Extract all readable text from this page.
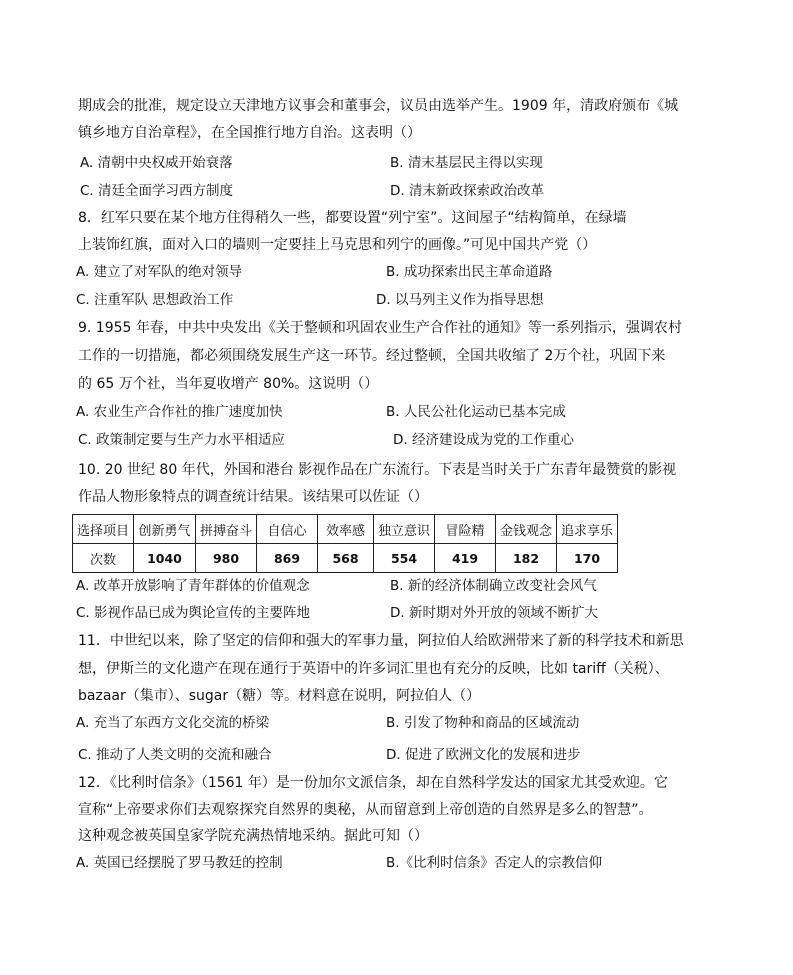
期成会的批准，规定设立天津地方议事会和董事会，议员由选举产生。1909 年，清政府颁布《城
镇乡地方自治章程》，在全国推行地方自治。这表明（）
A. 清朝中央权威开始衰落	B. 清末基层民主得以实现
C. 清廷全面学习西方制度	D. 清末新政探索政治改革
8．红军只要在某个地方住得稍久一些，都要设置“列宁室”。这间屋子“结构简单，在绿墙
上装饰红旗，面对入口的墙则一定要挂上马克思和列宁的画像。”可见中国共产党（）
A. 建立了对军队的绝对领导	B. 成功探索出民主革命道路
C. 注重军队 思想政治工作	D. 以马列主义作为指导思想
9. 1955 年春，中共中央发出《关于整顿和巩固农业生产合作社的通知》等一系列指示，强调农村
工作的一切措施，都必须围绕发展生产这一环节。经过整顿，全国共收缩了 2万个社，巩固下来
的 65 万个社，当年夏收增产 80%。这说明（）
A. 农业生产合作社的推广速度加快	B. 人民公社化运动已基本完成
C. 政策制定要与生产力水平相适应	D. 经济建设成为党的工作重心
10. 20 世纪 80 年代，外国和港台 影视作品在广东流行。下表是当时关于广东青年最赞赏的影视
作品人物形象特点的调查统计结果。该结果可以佐证（）
选择项目	创新勇气	拼搏奋斗	自信心	效率感	独立意识	冒险精	金钱观念	追求享乐
次数	1040	980	869	568	554	419	182	170
A. 改革开放影响了青年群体的价值观念	B. 新的经济体制确立改变社会风气
C. 影视作品已成为舆论宣传的主要阵地	D. 新时期对外开放的领域不断扩大
11．中世纪以来，除了坚定的信仰和强大的军事力量，阿拉伯人给欧洲带来了新的科学技术和新思
想，伊斯兰的文化遗产在现在通行于英语中的许多词汇里也有充分的反映，比如 tariff（关税）、
bazaar（集市）、sugar（糖）等。材料意在说明，阿拉伯人（）
A. 充当了东西方文化交流的桥梁	B. 引发了物种和商品的区域流动
C. 推动了人类文明的交流和融合	D. 促进了欧洲文化的发展和进步
12．《比利时信条》（1561 年）是一份加尔文派信条，却在自然科学发达的国家尤其受欢迎。它
宣称“上帝要求你们去观察探究自然界的奥秘，从而留意到上帝创造的自然界是多么的智慧”。
这种观念被英国皇家学院充满热情地采纳。据此可知（）
A. 英国已经摆脱了罗马教廷的控制	B.《比利时信条》否定人的宗教信仰
